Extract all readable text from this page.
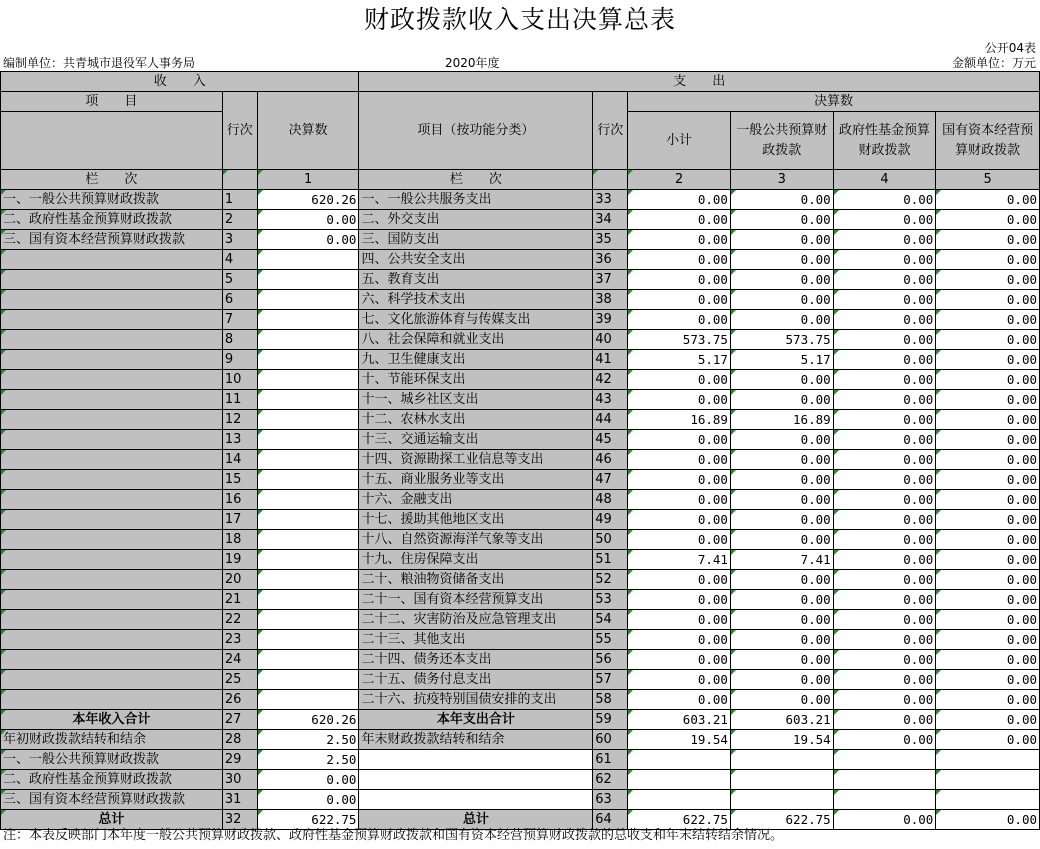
财政拨款收入支出决算总表
公开04表
编制单位：共青城市退役军人事务局	2020年度	金额单位：万元
收　　入			支　　出					
项　　目	行次	决算数	项目（按功能分类）	行次	决算数			
					小计	一般公共预算财政拨款	政府性基金预算财政拨款	国有资本经营预算财政拨款
栏　　次		1	栏　　次		2	3	4	5
一、一般公共预算财政拨款	1	620.26	一、一般公共服务支出	33	0.00	0.00	0.00	0.00
二、政府性基金预算财政拨款	2	0.00	二、外交支出	34	0.00	0.00	0.00	0.00
三、国有资本经营预算财政拨款	3	0.00	三、国防支出	35	0.00	0.00	0.00	0.00
	4		四、公共安全支出	36	0.00	0.00	0.00	0.00
	5		五、教育支出	37	0.00	0.00	0.00	0.00
	6		六、科学技术支出	38	0.00	0.00	0.00	0.00
	7		七、文化旅游体育与传媒支出	39	0.00	0.00	0.00	0.00
	8		八、社会保障和就业支出	40	573.75	573.75	0.00	0.00
	9		九、卫生健康支出	41	5.17	5.17	0.00	0.00
	10		十、节能环保支出	42	0.00	0.00	0.00	0.00
	11		十一、城乡社区支出	43	0.00	0.00	0.00	0.00
	12		十二、农林水支出	44	16.89	16.89	0.00	0.00
	13		十三、交通运输支出	45	0.00	0.00	0.00	0.00
	14		十四、资源勘探工业信息等支出	46	0.00	0.00	0.00	0.00
	15		十五、商业服务业等支出	47	0.00	0.00	0.00	0.00
	16		十六、金融支出	48	0.00	0.00	0.00	0.00
	17		十七、援助其他地区支出	49	0.00	0.00	0.00	0.00
	18		十八、自然资源海洋气象等支出	50	0.00	0.00	0.00	0.00
	19		十九、住房保障支出	51	7.41	7.41	0.00	0.00
	20		二十、粮油物资储备支出	52	0.00	0.00	0.00	0.00
	21		二十一、国有资本经营预算支出	53	0.00	0.00	0.00	0.00
	22		二十二、灾害防治及应急管理支出	54	0.00	0.00	0.00	0.00
	23		二十三、其他支出	55	0.00	0.00	0.00	0.00
	24		二十四、债务还本支出	56	0.00	0.00	0.00	0.00
	25		二十五、债务付息支出	57	0.00	0.00	0.00	0.00
	26		二十六、抗疫特别国债安排的支出	58	0.00	0.00	0.00	0.00
本年收入合计	27	620.26	本年支出合计	59	603.21	603.21	0.00	0.00
年初财政拨款结转和结余	28	2.50	年末财政拨款结转和结余	60	19.54	19.54	0.00	0.00
一、一般公共预算财政拨款	29	2.50		61				
二、政府性基金预算财政拨款	30	0.00		62				
三、国有资本经营预算财政拨款	31	0.00		63				
总计	32	622.75	总计	64	622.75	622.75	0.00	0.00
注：本表反映部门本年度一般公共预算财政拨款、政府性基金预算财政拨款和国有资本经营预算财政拨款的总收支和年末结转结余情况。
